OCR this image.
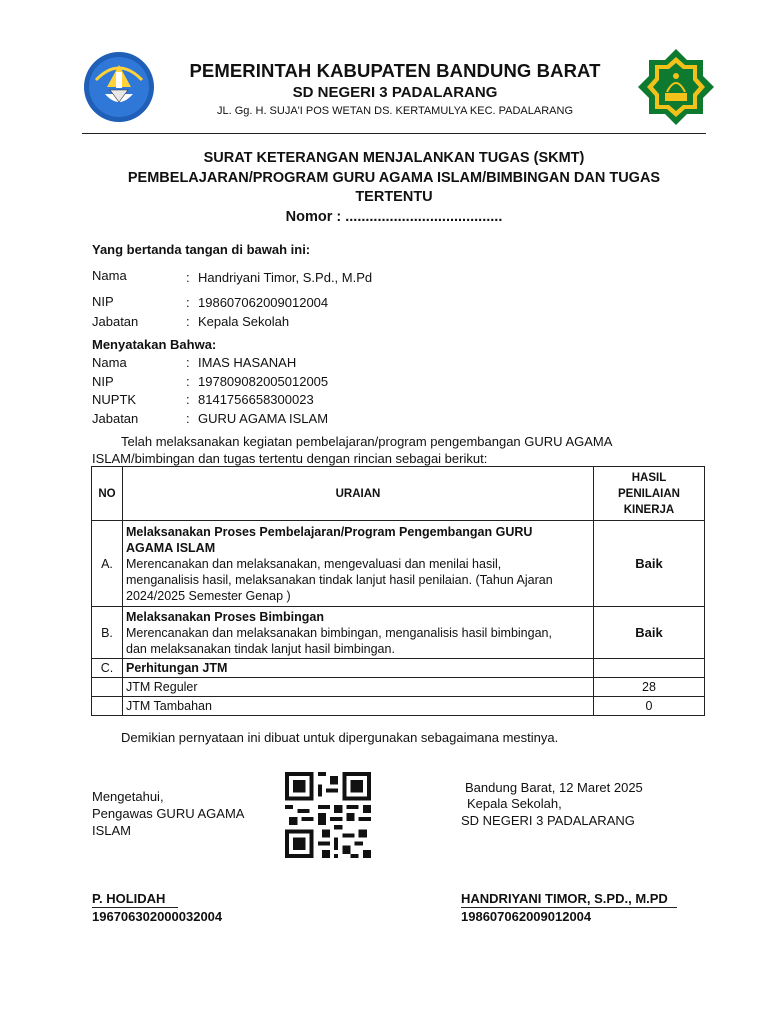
PEMERINTAH KABUPATEN BANDUNG BARAT
SD NEGERI 3 PADALARANG
JL. Gg. H. SUJA'I POS WETAN DS. KERTAMULYA KEC. PADALARANG
SURAT KETERANGAN MENJALANKAN TUGAS (SKMT)
PEMBELAJARAN/PROGRAM GURU AGAMA ISLAM/BIMBINGAN DAN TUGAS
TERTENTU
Nomor : .......................................
Yang bertanda tangan di bawah ini:
Nama	: Handriyani Timor, S.Pd., M.Pd
NIP	: 198607062009012004
Jabatan	: Kepala Sekolah
Menyatakan Bahwa:
Nama	: IMAS HASANAH
NIP	: 197809082005012005
NUPTK	: 8141756658300023
Jabatan	: GURU AGAMA ISLAM
Telah melaksanakan kegiatan pembelajaran/program pengembangan GURU AGAMA
ISLAM/bimbingan dan tugas tertentu dengan rincian sebagai berikut:
NO	URAIAN	HASIL
PENILAIAN
KINERJA

A.	Melaksanakan Proses Pembelajaran/Program Pengembangan GURU
AGAMA ISLAM
Merencanakan dan melaksanakan, mengevaluasi dan menilai hasil,
menganalisis hasil, melaksanakan tindak lanjut hasil penilaian. (Tahun Ajaran
2024/2025 Semester Genap )	Baik
B.	Melaksanakan Proses Bimbingan
Merencanakan dan melaksanakan bimbingan, menganalisis hasil bimbingan,
dan melaksanakan tindak lanjut hasil bimbingan.	Baik
C.	Perhitungan JTM	
	JTM Reguler	28
	JTM Tambahan	0
Demikian pernyataan ini dibuat untuk dipergunakan sebagaimana mestinya.
Mengetahui,
Pengawas GURU AGAMA
ISLAM
P. HOLIDAH
196706302000032004
Bandung Barat, 12 Maret 2025
Kepala Sekolah,
SD NEGERI 3 PADALARANG
HANDRIYANI TIMOR, S.PD., M.PD
198607062009012004
